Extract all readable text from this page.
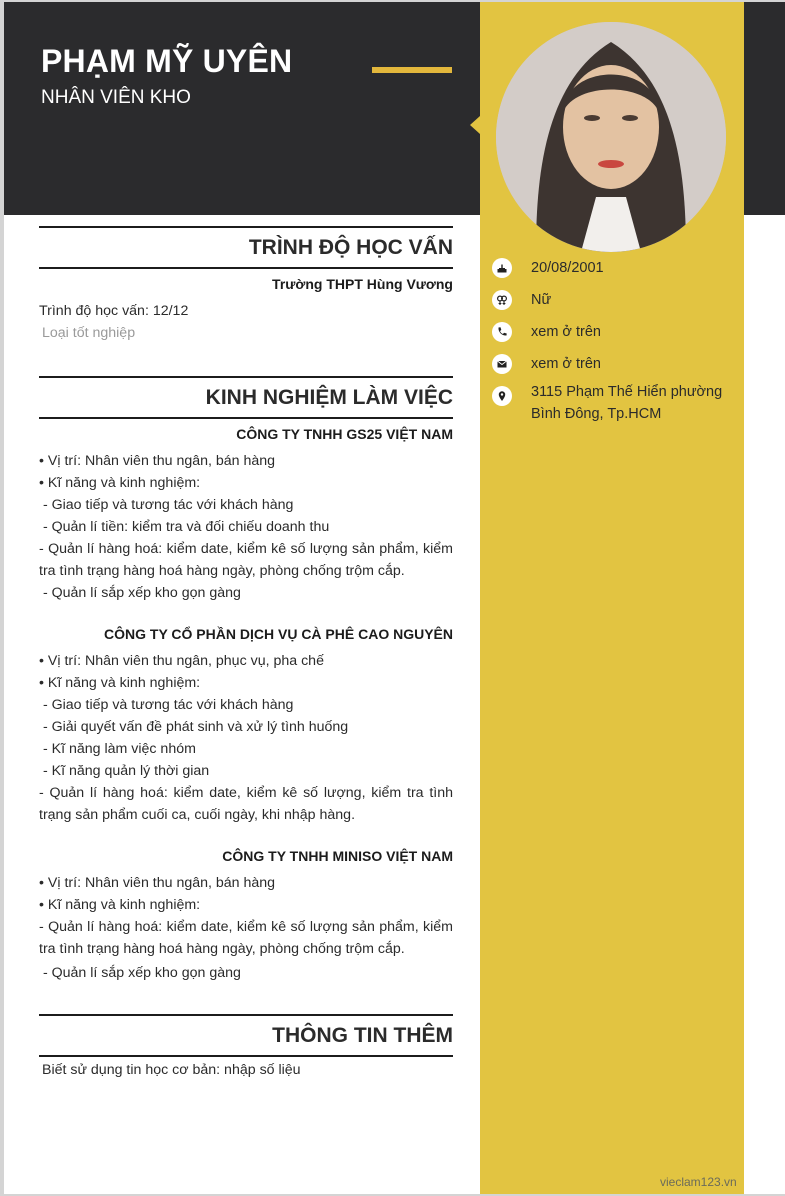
PHẠM MỸ UYÊN
NHÂN VIÊN KHO
20/08/2001
Nữ
xem ở trên
xem ở trên
3115 Phạm Thế Hiển phường Bình Đông, Tp.HCM
TRÌNH ĐỘ HỌC VẤN
Trường THPT Hùng Vương
Trình độ học vấn: 12/12
Loại tốt nghiệp
KINH NGHIỆM LÀM VIỆC
CÔNG TY TNHH GS25 VIỆT NAM
• Vị trí: Nhân viên thu ngân, bán hàng
• Kĩ năng và kinh nghiệm:
- Giao tiếp và tương tác với khách hàng
- Quản lí tiền: kiểm tra và đối chiếu doanh thu
- Quản lí hàng hoá: kiểm date, kiểm kê số lượng sản phẩm, kiểm tra tình trạng hàng hoá hàng ngày, phòng chống trộm cắp.
- Quản lí sắp xếp kho gọn gàng
CÔNG TY CỔ PHẦN DỊCH VỤ CÀ PHÊ CAO NGUYÊN
• Vị trí: Nhân viên thu ngân, phục vụ, pha chế
• Kĩ năng và kinh nghiệm:
- Giao tiếp và tương tác với khách hàng
- Giải quyết vấn đề phát sinh và xử lý tình huống
- Kĩ năng làm việc nhóm
- Kĩ năng quản lý thời gian
- Quản lí hàng hoá: kiểm date, kiểm kê số lượng, kiểm tra tình trạng sản phẩm cuối ca, cuối ngày, khi nhập hàng.
CÔNG TY TNHH MINISO VIỆT NAM
• Vị trí: Nhân viên thu ngân, bán hàng
• Kĩ năng và kinh nghiệm:
- Quản lí hàng hoá: kiểm date, kiểm kê số lượng sản phẩm, kiểm tra tình trạng hàng hoá hàng ngày, phòng chống trộm cắp.
- Quản lí sắp xếp kho gọn gàng
THÔNG TIN THÊM
Biết sử dụng tin học cơ bản: nhập số liệu
vieclam123.vn
